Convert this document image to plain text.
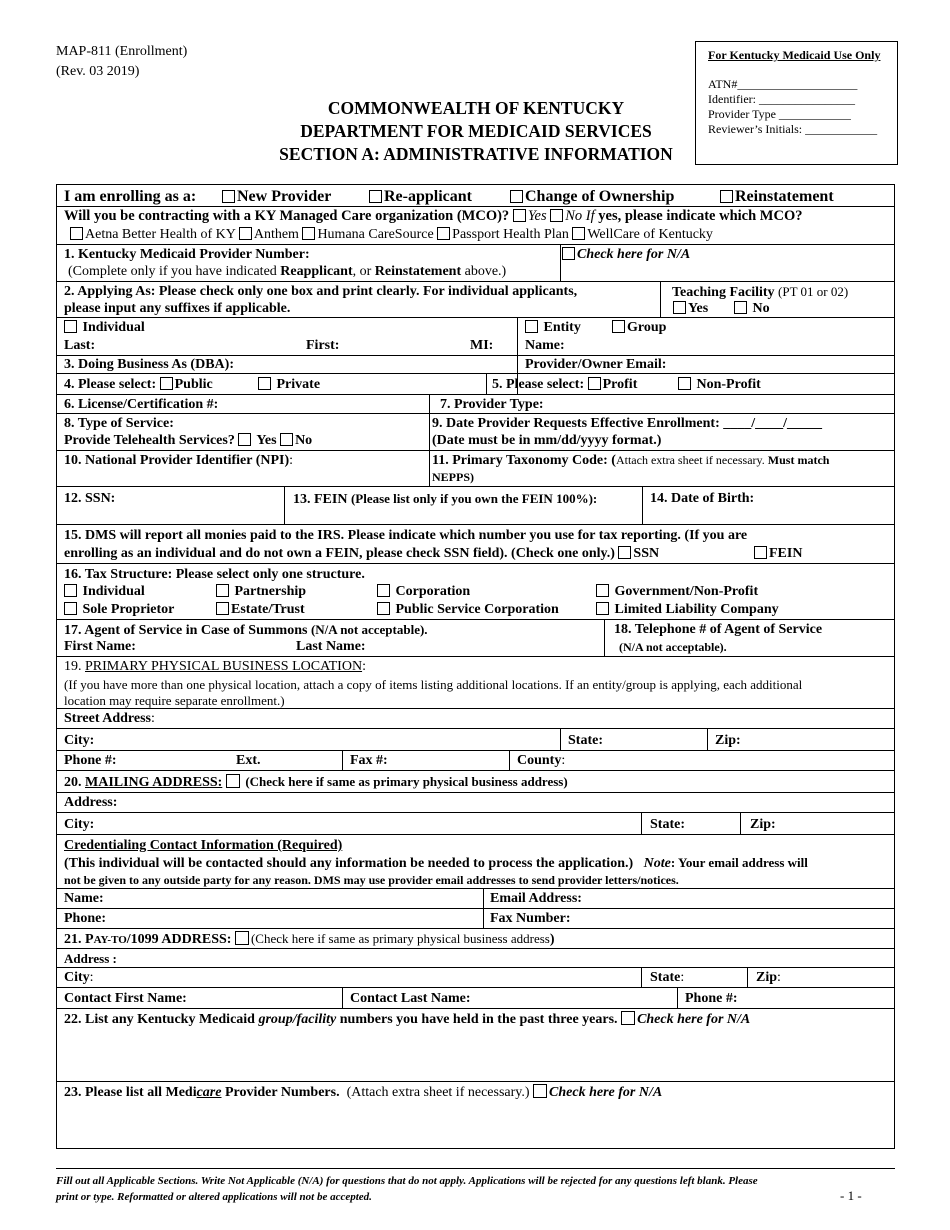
MAP-811 (Enrollment)
(Rev. 03 2019)
For Kentucky Medicaid Use Only
ATN#____________________
Identifier: ________________
Provider Type ____________
Reviewer’s Initials: ____________
COMMONWEALTH OF KENTUCKY
DEPARTMENT FOR MEDICAID SERVICES
SECTION A: ADMINISTRATIVE INFORMATION
I am enrolling as a:	New Provider	Re-applicant	Change of Ownership	Reinstatement
Will you be contracting with a KY Managed Care organization (MCO)? Yes No If yes, please indicate which MCO?
Aetna Better Health of KY Anthem Humana CareSource Passport Health Plan WellCare of Kentucky
1. Kentucky Medicaid Provider Number:	Check here for N/A
(Complete only if you have indicated Reapplicant, or Reinstatement above.)
2. Applying As: Please check only one box and print clearly. For individual applicants,
please input any suffixes if applicable.
Teaching Facility (PT 01 or 02)
Yes	No
Individual
Last:	First:	MI:
Entity	Group
Name:
3. Doing Business As (DBA):	Provider/Owner Email:
4. Please select: Public	Private	5. Please select: Profit	Non-Profit
6. License/Certification #:	7. Provider Type:
8. Type of Service:
Provide Telehealth Services? Yes No
9. Date Provider Requests Effective Enrollment: ____/____/_____
(Date must be in mm/dd/yyyy format.)
10. National Provider Identifier (NPI):	11. Primary Taxonomy Code: (Attach extra sheet if necessary. Must match
NEPPS)
12. SSN:	13. FEIN (Please list only if you own the FEIN 100%):	14. Date of Birth:
15. DMS will report all monies paid to the IRS. Please indicate which number you use for tax reporting. (If you are
enrolling as an individual and do not own a FEIN, please check SSN field). (Check one only.) SSN	FEIN
16. Tax Structure: Please select only one structure.
Individual	Partnership	Corporation	Government/Non-Profit
Sole Proprietor	Estate/Trust	Public Service Corporation	Limited Liability Company
17. Agent of Service in Case of Summons (N/A not acceptable).
First Name:	Last Name:
18. Telephone # of Agent of Service
(N/A not acceptable).
19. PRIMARY PHYSICAL BUSINESS LOCATION:
(If you have more than one physical location, attach a copy of items listing additional locations. If an entity/group is applying, each additional
location may require separate enrollment.)
Street Address:
City:	State:	Zip:
Phone #:	Ext.	Fax #:	County:
20. MAILING ADDRESS: (Check here if same as primary physical business address)
Address:
City:	State:	Zip:
Credentialing Contact Information (Required)
(This individual will be contacted should any information be needed to process the application.) Note: Your email address will
not be given to any outside party for any reason. DMS may use provider email addresses to send provider letters/notices.
Name:	Email Address:
Phone:	Fax Number:
21. PAY-TO/1099 ADDRESS: (Check here if same as primary physical business address)
Address :
City:	State:	Zip:
Contact First Name:	Contact Last Name:	Phone #:
22. List any Kentucky Medicaid group/facility numbers you have held in the past three years. Check here for N/A
23. Please list all Medicare Provider Numbers. (Attach extra sheet if necessary.) Check here for N/A
Fill out all Applicable Sections. Write Not Applicable (N/A) for questions that do not apply. Applications will be rejected for any questions left blank. Please
print or type. Reformatted or altered applications will not be accepted.	- 1 -
